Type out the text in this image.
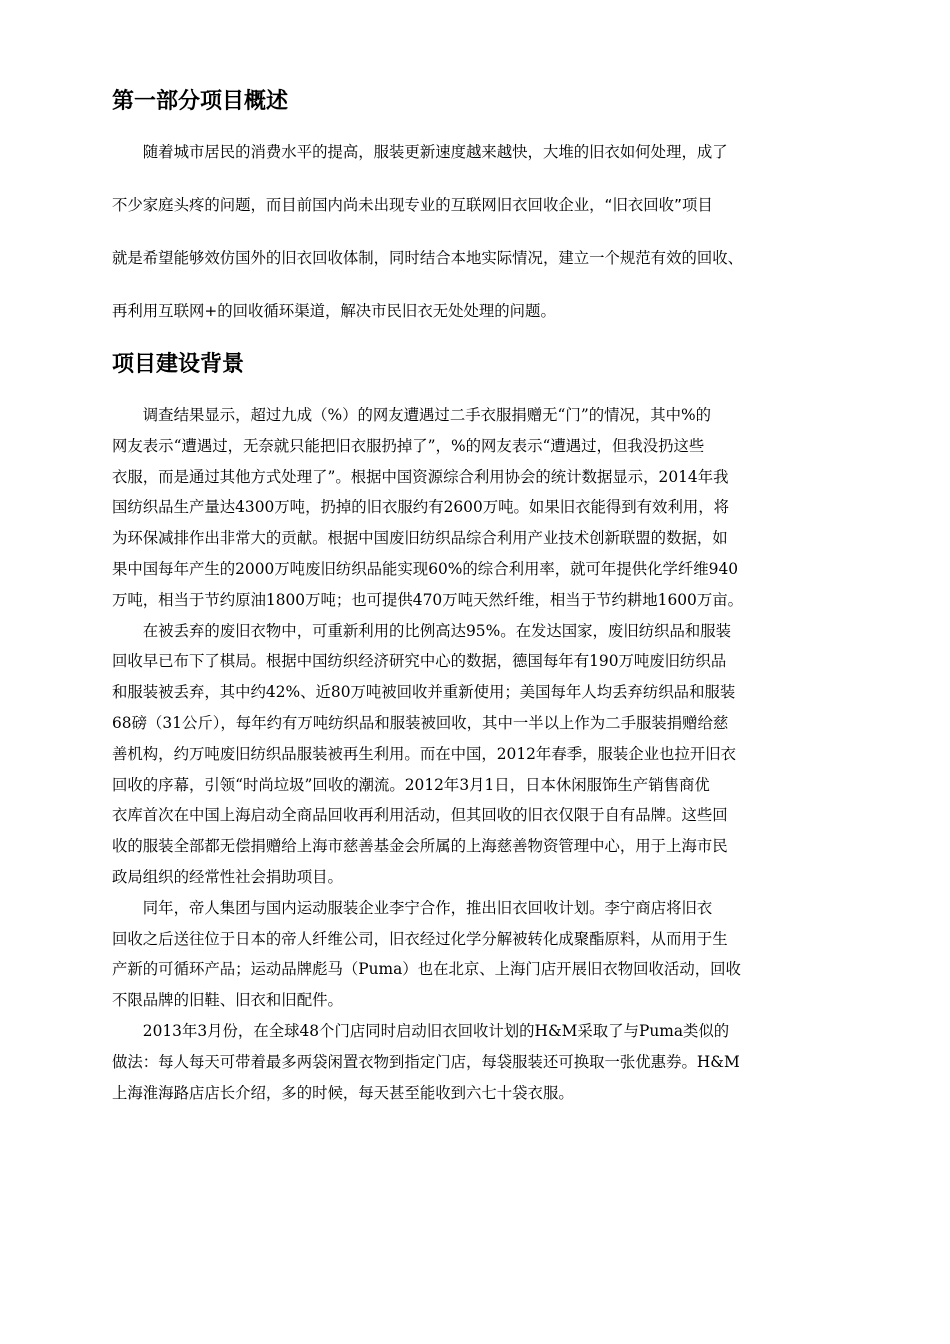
第一部分项目概述
　　随着城市居民的消费水平的提高，服装更新速度越来越快，大堆的旧衣如何处理，成了
不少家庭头疼的问题，而目前国内尚未出现专业的互联网旧衣回收企业，“旧衣回收”项目
就是希望能够效仿国外的旧衣回收体制，同时结合本地实际情况，建立一个规范有效的回收、
再利用互联网+的回收循环渠道，解决市民旧衣无处处理的问题。
项目建设背景
　　调查结果显示，超过九成（%）的网友遭遇过二手衣服捐赠无“门”的情况，其中%的
网友表示“遭遇过，无奈就只能把旧衣服扔掉了”，%的网友表示“遭遇过，但我没扔这些
衣服，而是通过其他方式处理了”。根据中国资源综合利用协会的统计数据显示，2014年我
国纺织品生产量达4300万吨，扔掉的旧衣服约有2600万吨。如果旧衣能得到有效利用，将
为环保减排作出非常大的贡献。根据中国废旧纺织品综合利用产业技术创新联盟的数据，如
果中国每年产生的2000万吨废旧纺织品能实现60%的综合利用率，就可年提供化学纤维940
万吨，相当于节约原油1800万吨；也可提供470万吨天然纤维，相当于节约耕地1600万亩。
　　在被丢弃的废旧衣物中，可重新利用的比例高达95%。在发达国家，废旧纺织品和服装
回收早已布下了棋局。根据中国纺织经济研究中心的数据，德国每年有190万吨废旧纺织品
和服装被丢弃，其中约42%、近80万吨被回收并重新使用；美国每年人均丢弃纺织品和服装
68磅（31公斤），每年约有万吨纺织品和服装被回收，其中一半以上作为二手服装捐赠给慈
善机构，约万吨废旧纺织品服装被再生利用。而在中国，2012年春季，服装企业也拉开旧衣
回收的序幕，引领“时尚垃圾”回收的潮流。2012年3月1日，日本休闲服饰生产销售商优
衣库首次在中国上海启动全商品回收再利用活动，但其回收的旧衣仅限于自有品牌。这些回
收的服装全部都无偿捐赠给上海市慈善基金会所属的上海慈善物资管理中心，用于上海市民
政局组织的经常性社会捐助项目。
　　同年，帝人集团与国内运动服装企业李宁合作，推出旧衣回收计划。李宁商店将旧衣
回收之后送往位于日本的帝人纤维公司，旧衣经过化学分解被转化成聚酯原料，从而用于生
产新的可循环产品；运动品牌彪马（Puma）也在北京、上海门店开展旧衣物回收活动，回收
不限品牌的旧鞋、旧衣和旧配件。
　　2013年3月份，在全球48个门店同时启动旧衣回收计划的H&M采取了与Puma类似的
做法：每人每天可带着最多两袋闲置衣物到指定门店，每袋服装还可换取一张优惠券。H&M
上海淮海路店店长介绍，多的时候，每天甚至能收到六七十袋衣服。
